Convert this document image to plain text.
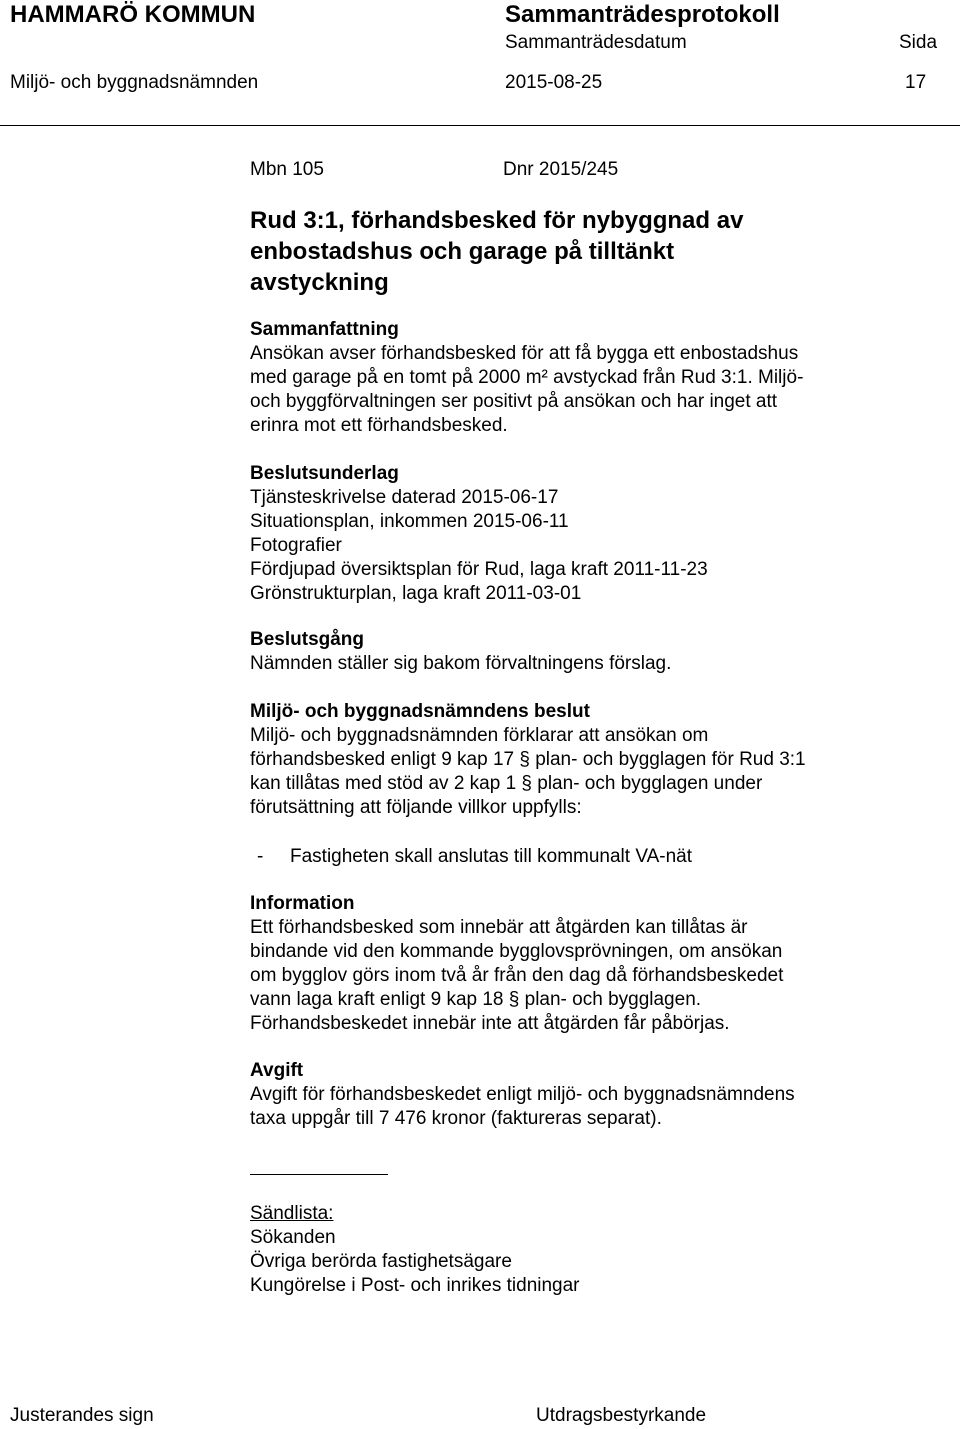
HAMMARÖ KOMMUN	Sammanträdesprotokoll
Sammanträdesdatum	Sida
Miljö- och byggnadsnämnden	2015-08-25	17
Mbn 105	Dnr 2015/245
Rud 3:1, förhandsbesked för nybyggnad av
enbostadshus och garage på tilltänkt
avstyckning
Sammanfattning
Ansökan avser förhandsbesked för att få bygga ett enbostadshus
med garage på en tomt på 2000 m² avstyckad från Rud 3:1. Miljö-
och byggförvaltningen ser positivt på ansökan och har inget att
erinra mot ett förhandsbesked.
Beslutsunderlag
Tjänsteskrivelse daterad 2015-06-17
Situationsplan, inkommen 2015-06-11
Fotografier
Fördjupad översiktsplan för Rud, laga kraft 2011-11-23
Grönstrukturplan, laga kraft 2011-03-01
Beslutsgång
Nämnden ställer sig bakom förvaltningens förslag.
Miljö- och byggnadsnämndens beslut
Miljö- och byggnadsnämnden förklarar att ansökan om
förhandsbesked enligt 9 kap 17 § plan- och bygglagen för Rud 3:1
kan tillåtas med stöd av 2 kap 1 § plan- och bygglagen under
förutsättning att följande villkor uppfylls:
- Fastigheten skall anslutas till kommunalt VA-nät
Information
Ett förhandsbesked som innebär att åtgärden kan tillåtas är
bindande vid den kommande bygglovsprövningen, om ansökan
om bygglov görs inom två år från den dag då förhandsbeskedet
vann laga kraft enligt 9 kap 18 § plan- och bygglagen.
Förhandsbeskedet innebär inte att åtgärden får påbörjas.
Avgift
Avgift för förhandsbeskedet enligt miljö- och byggnadsnämndens
taxa uppgår till 7 476 kronor (faktureras separat).
Sändlista:
Sökanden
Övriga berörda fastighetsägare
Kungörelse i Post- och inrikes tidningar
Justerandes sign	Utdragsbestyrkande
